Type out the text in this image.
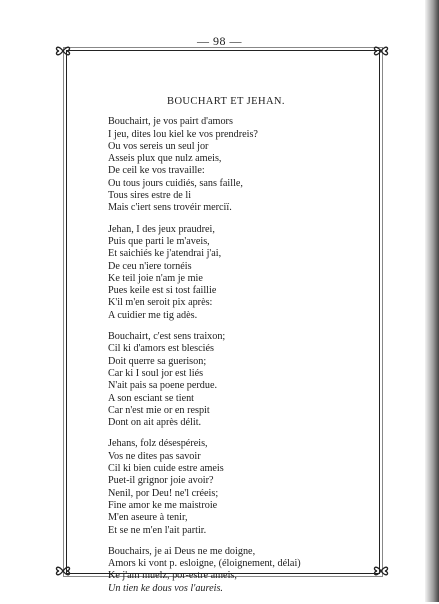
— 98 —
BOUCHART ET JEHAN.
Bouchairt, je vos pairt d'amors
I jeu, dites lou kiel ke vos prendreis?
Ou vos sereis un seul jor
Asseis plux que nulz ameis,
De ceil ke vos travaille:
Ou tous jours cuidiés, sans faille,
Tous sires estre de li
Mais c'iert sens trovéir merciï.
Jehan, I des jeux praudrei,
Puis que parti le m'aveis,
Et saichiés ke j'atendrai j'ai,
De ceu n'iere tornéis
Ke teil joie n'am je mie
Pues keile est si tost faillie
K'il m'en seroit pix après:
A cuidier me tig adès.
Bouchairt, c'est sens traixon;
Cil ki d'amors est blesciés
Doit querre sa guerison;
Car ki I soul jor est liés
N'ait pais sa poene perdue.
A son esciant se tient
Car n'est mie or en respit
Dont on ait après délit.
Jehans, folz désespéreis,
Vos ne dites pas savoir
Cil ki bien cuide estre ameis
Puet-il grignor joie avoir?
Nenil, por Deu! ne'l créeis;
Fine amor ke me maistroie
M'en aseure à tenir,
Et se ne m'en l'ait partir.
Bouchairs, je ai Deus ne me doigne,
Amors ki vont p. esloigne, (éloignement, délai)
Ke j'am muelz, por-estre ameis,
Un tien ke dous vos l'aureis.
